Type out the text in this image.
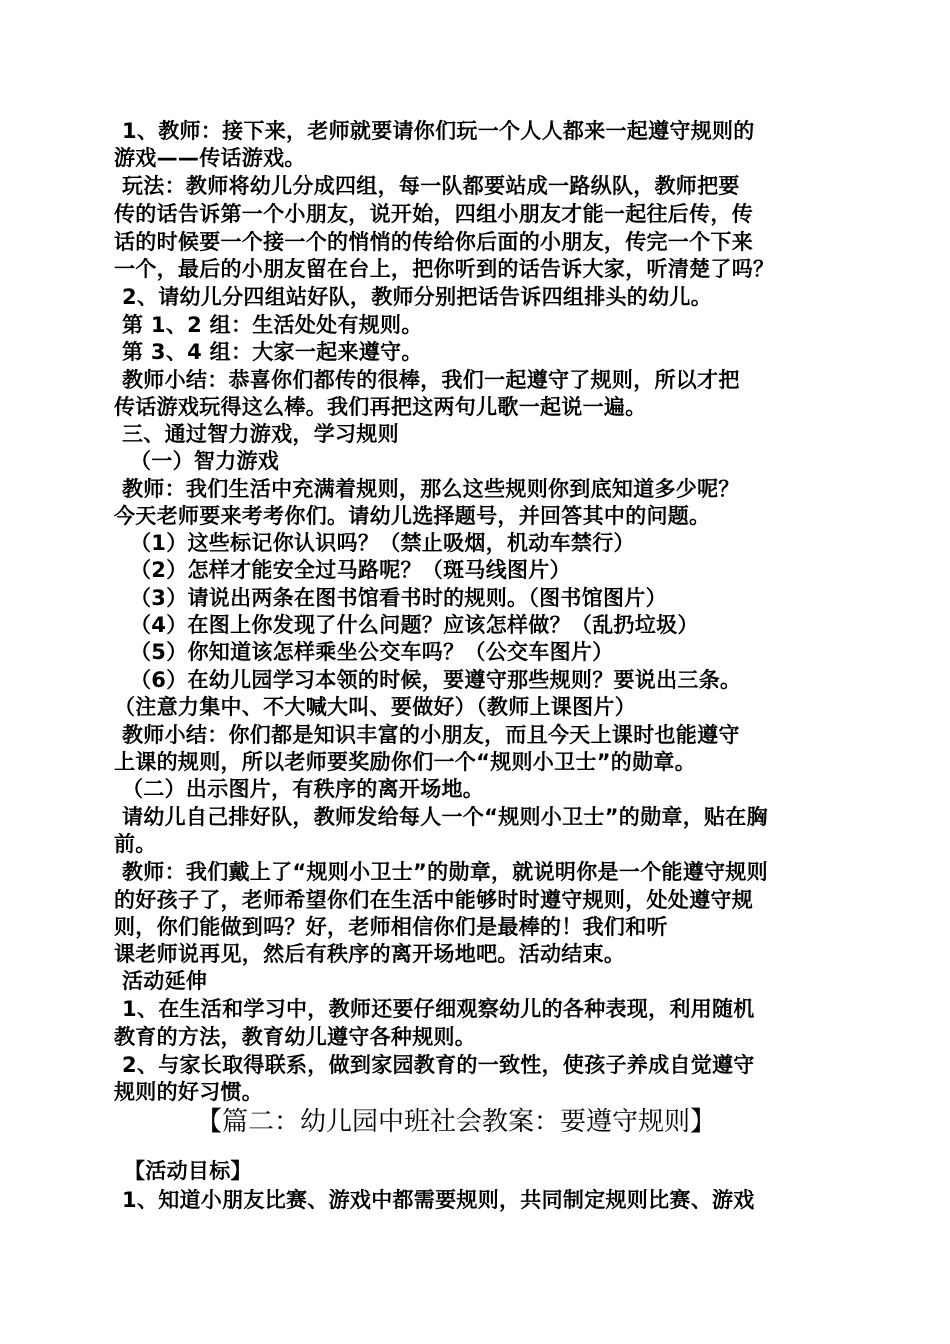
1、教师：接下来，老师就要请你们玩一个人人都来一起遵守规则的
游戏——传话游戏。
玩法：教师将幼儿分成四组，每一队都要站成一路纵队，教师把要
传的话告诉第一个小朋友，说开始，四组小朋友才能一起往后传，传
话的时候要一个接一个的悄悄的传给你后面的小朋友，传完一个下来
一个，最后的小朋友留在台上，把你听到的话告诉大家，听清楚了吗？
2、请幼儿分四组站好队，教师分别把话告诉四组排头的幼儿。
第 1、2 组：生活处处有规则。
第 3、4 组：大家一起来遵守。
教师小结：恭喜你们都传的很棒，我们一起遵守了规则，所以才把
传话游戏玩得这么棒。我们再把这两句儿歌一起说一遍。
三、通过智力游戏，学习规则
（一）智力游戏
教师：我们生活中充满着规则，那么这些规则你到底知道多少呢？
今天老师要来考考你们。请幼儿选择题号，并回答其中的问题。
（1）这些标记你认识吗？（禁止吸烟，机动车禁行）
（2）怎样才能安全过马路呢？（斑马线图片）
（3）请说出两条在图书馆看书时的规则。（图书馆图片）
（4）在图上你发现了什么问题？应该怎样做？（乱扔垃圾）
（5）你知道该怎样乘坐公交车吗？（公交车图片）
（6）在幼儿园学习本领的时候，要遵守那些规则？要说出三条。
（注意力集中、不大喊大叫、要做好）（教师上课图片）
教师小结：你们都是知识丰富的小朋友，而且今天上课时也能遵守
上课的规则，所以老师要奖励你们一个“规则小卫士”的勋章。
（二）出示图片，有秩序的离开场地。
请幼儿自己排好队，教师发给每人一个“规则小卫士”的勋章，贴在胸
前。
教师：我们戴上了“规则小卫士”的勋章，就说明你是一个能遵守规则
的好孩子了，老师希望你们在生活中能够时时遵守规则，处处遵守规
则，你们能做到吗？好，老师相信你们是最棒的！我们和听
课老师说再见，然后有秩序的离开场地吧。活动结束。
活动延伸
1、在生活和学习中，教师还要仔细观察幼儿的各种表现，利用随机
教育的方法，教育幼儿遵守各种规则。
2、与家长取得联系，做到家园教育的一致性，使孩子养成自觉遵守
规则的好习惯。
【篇二：幼儿园中班社会教案：要遵守规则】
【活动目标】
1、知道小朋友比赛、游戏中都需要规则，共同制定规则比赛、游戏
